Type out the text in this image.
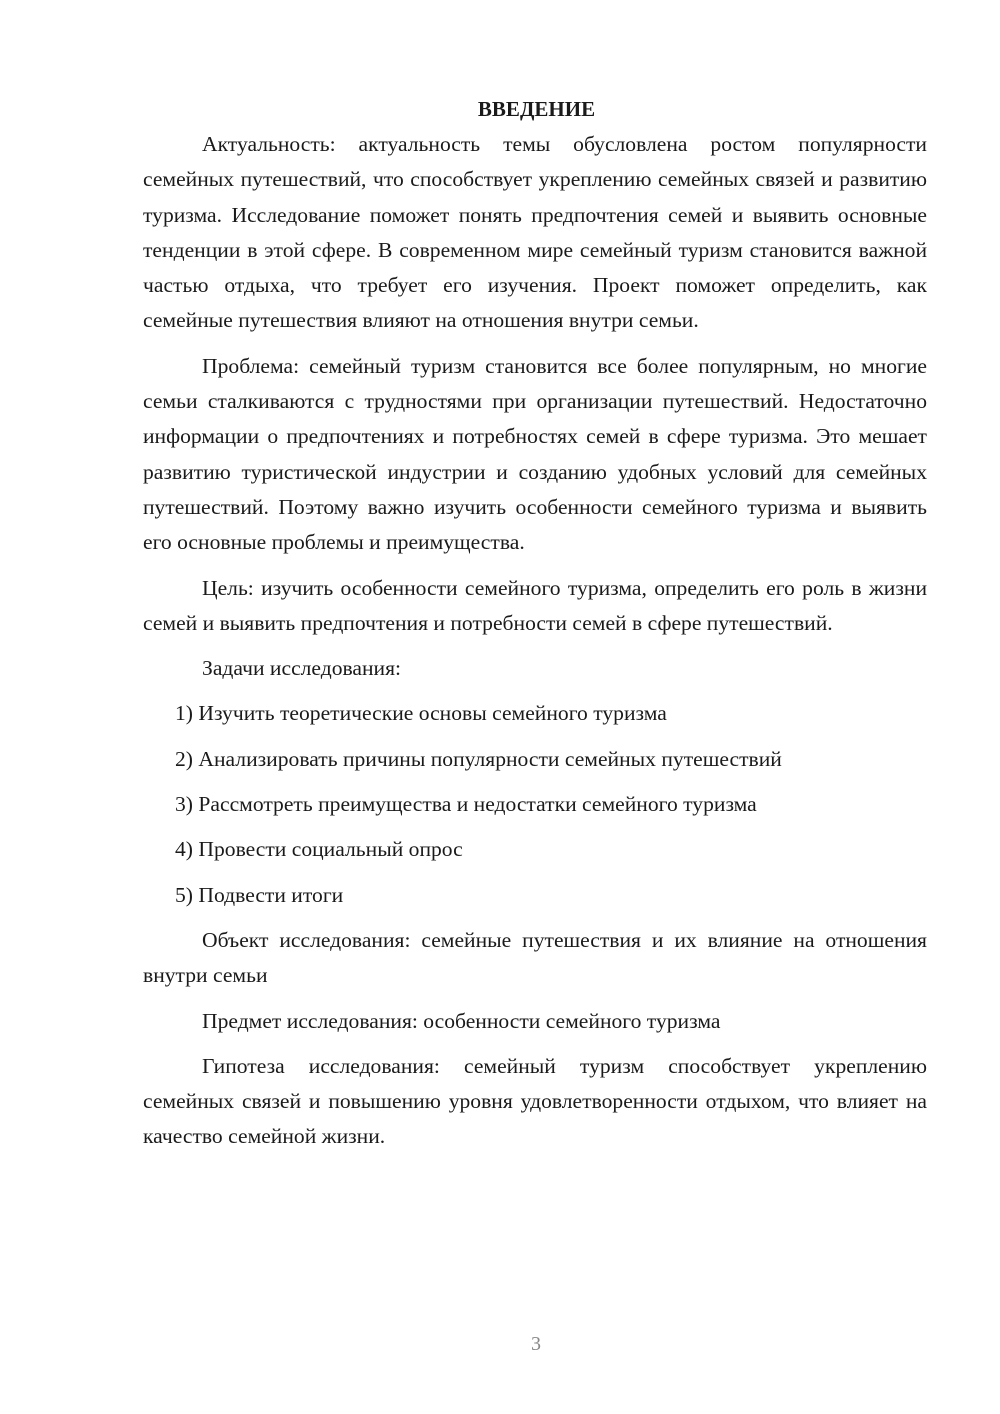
ВВЕДЕНИЕ

Актуальность: актуальность темы обусловлена ростом популярности семейных путешествий, что способствует укреплению семейных связей и развитию туризма. Исследование поможет понять предпочтения семей и выявить основные тенденции в этой сфере. В современном мире семейный туризм становится важной частью отдыха, что требует его изучения. Проект поможет определить, как семейные путешествия влияют на отношения внутри семьи.

Проблема: семейный туризм становится все более популярным, но многие семьи сталкиваются с трудностями при организации путешествий. Недостаточно информации о предпочтениях и потребностях семей в сфере туризма. Это мешает развитию туристической индустрии и созданию удобных условий для семейных путешествий. Поэтому важно изучить особенности семейного туризма и выявить его основные проблемы и преимущества.

Цель: изучить особенности семейного туризма, определить его роль в жизни семей и выявить предпочтения и потребности семей в сфере путешествий.

Задачи исследования:

1) Изучить теоретические основы семейного туризма

2) Анализировать причины популярности семейных путешествий

3) Рассмотреть преимущества и недостатки семейного туризма

4) Провести социальный опрос

5) Подвести итоги

Объект исследования: семейные путешествия и их влияние на отношения внутри семьи

Предмет исследования: особенности семейного туризма

Гипотеза исследования: семейный туризм способствует укреплению семейных связей и повышению уровня удовлетворенности отдыхом, что влияет на качество семейной жизни.

3
